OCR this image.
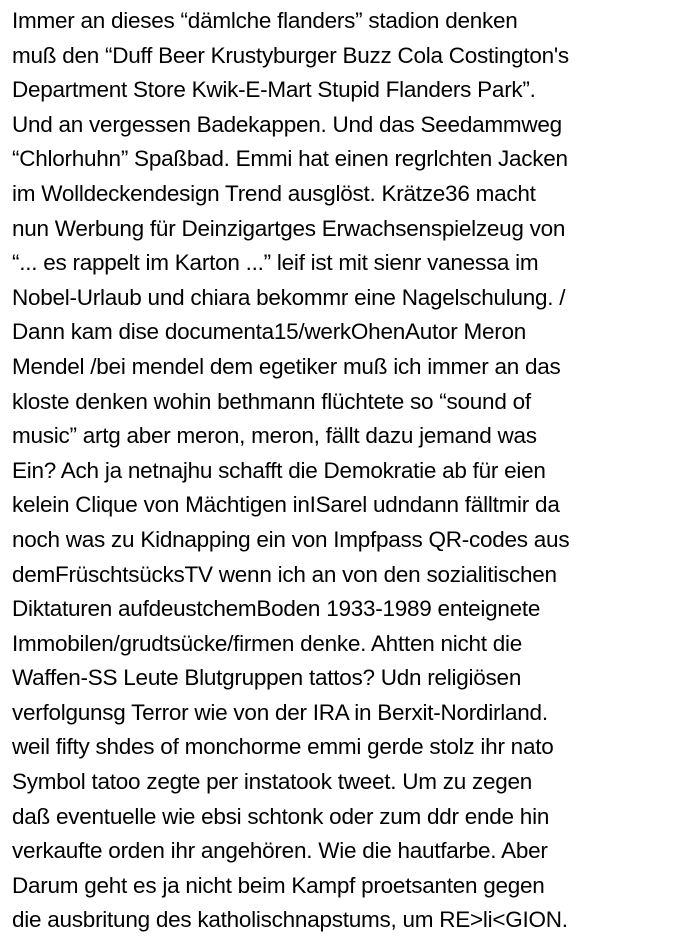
Immer an dieses “dämlche flanders” stadion denken
muß den “Duff Beer Krustyburger Buzz Cola Costington's
Department Store Kwik-E-Mart Stupid Flanders Park”.
Und an vergessen Badekappen. Und das Seedammweg
“Chlorhuhn” Spaßbad. Emmi hat einen regrlchten Jacken
im Wolldeckendesign Trend ausglöst. Krätze36 macht
nun Werbung für Deinzigartges Erwachsenspielzeug von
“... es rappelt im Karton ...” leif ist mit sienr vanessa im
Nobel-Urlaub und chiara bekommr eine Nagelschulung. /
Dann kam dise documenta15/werkOhenAutor Meron
Mendel /bei mendel dem egetiker muß ich immer an das
kloste denken wohin bethmann flüchtete so “sound of
music” artg aber meron, meron, fällt dazu jemand was
Ein? Ach ja netnajhu schafft die Demokratie ab für eien
kelein Clique von Mächtigen inISarel udndann fälltmir da
noch was zu Kidnapping ein von Impfpass QR-codes aus
demFrüschtsücksTV wenn ich an von den sozialitischen
Diktaturen aufdeustchemBoden 1933-1989 enteignete
Immobilen/grudtsücke/firmen denke. Ahtten nicht die
Waffen-SS Leute Blutgruppen tattos? Udn religiösen
verfolgunsg Terror wie von der IRA in Berxit-Nordirland.
weil fifty shdes of monchorme emmi gerde stolz ihr nato
Symbol tatoo zegte per instatook tweet. Um zu zegen
daß eventuelle wie ebsi schtonk oder zum ddr ende hin
verkaufte orden ihr angehören. Wie die hautfarbe. Aber
Darum geht es ja nicht beim Kampf proetsanten gegen
die ausbritung des katholischnapstums, um RE>li<GION.
